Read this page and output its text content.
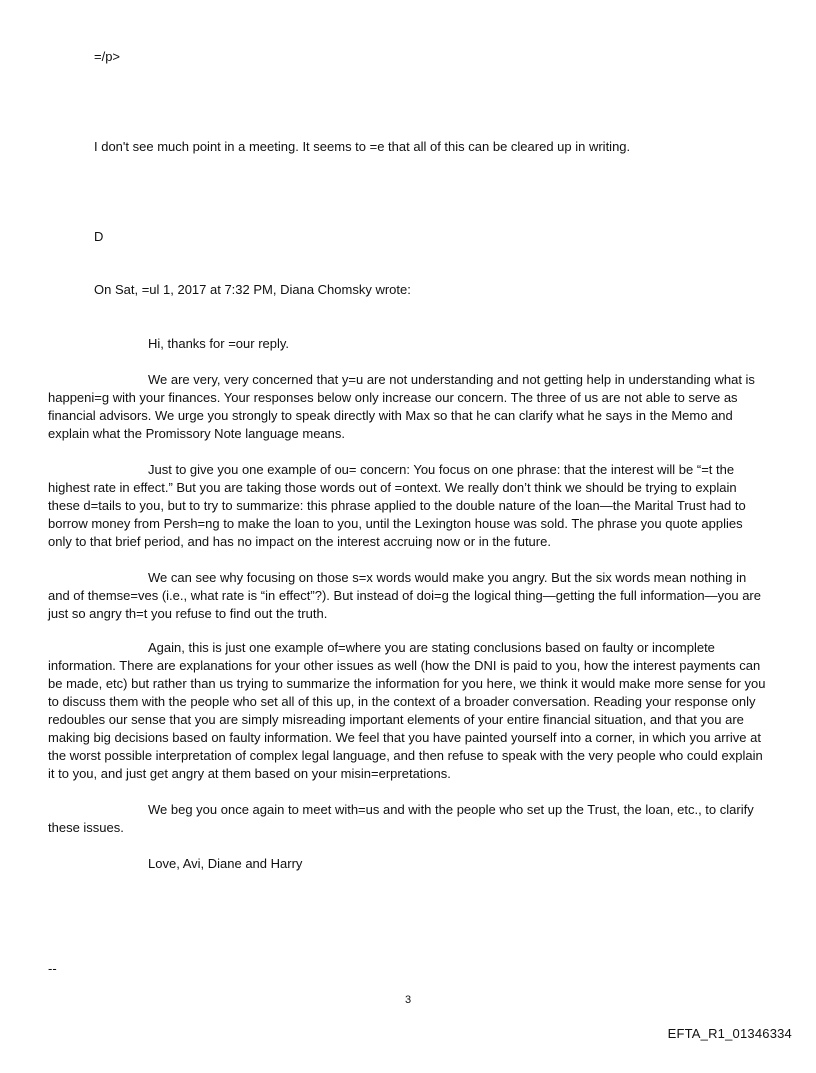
=/p>

I don't see much point in a meeting. It seems to =e that all of this can be cleared up in writing.

D

On Sat, =ul 1, 2017 at 7:32 PM, Diana Chomsky wrote:

Hi, thanks for =our reply.

We are very, very concerned that y=u are not understanding and not getting help in understanding what is happeni=g with your finances. Your responses below only increase our concern. The three of us are not able to serve as financial advisors. We urge you strongly to speak directly with Max so that he can clarify what he says in the Memo and explain what the Promissory Note language means.

Just to give you one example of ou= concern: You focus on one phrase: that the interest will be “=t the highest rate in effect.” But you are taking those words out of =ontext. We really don’t think we should be trying to explain these d=tails to you, but to try to summarize: this phrase applied to the double nature of the loan—the Marital Trust had to borrow money from Persh=ng to make the loan to you, until the Lexington house was sold. The phrase you quote applies only to that brief period, and has no impact on the interest accruing now or in the future.

We can see why focusing on those s=x words would make you angry. But the six words mean nothing in and of themse=ves (i.e., what rate is “in effect”?). But instead of doi=g the logical thing—getting the full information—you are just so angry th=t you refuse to find out the truth.

Again, this is just one example of=where you are stating conclusions based on faulty or incomplete information. There are explanations for your other issues as well (how the DNI is paid to you, how the interest payments can be made, etc) but rather than us trying to summarize the information for you here, we think it would make more sense for you to discuss them with the people who set all of this up, in the context of a broader conversation. Reading your response only redoubles our sense that you are simply misreading important elements of your entire financial situation, and that you are making big decisions based on faulty information. We feel that you have painted yourself into a corner, in which you arrive at the worst possible interpretation of complex legal language, and then refuse to speak with the very people who could explain it to you, and just get angry at them based on your misin=erpretations.

We beg you once again to meet with=us and with the people who set up the Trust, the loan, etc., to clarify these issues.

Love, Avi, Diane and Harry

--

3
EFTA_R1_01346334
